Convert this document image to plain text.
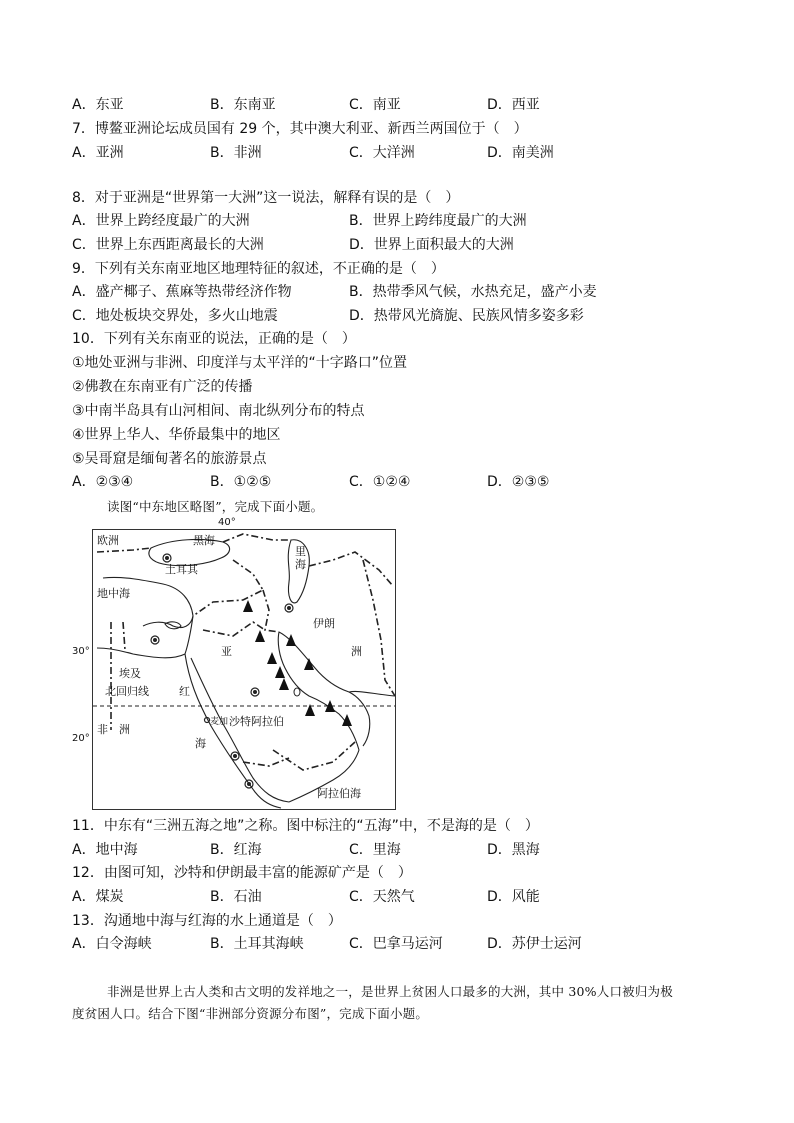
A．东亚	B．东南亚	C．南亚	D．西亚
7．博鳌亚洲论坛成员国有 29 个，其中澳大利亚、新西兰两国位于（　）
A．亚洲	B．非洲	C．大洋洲	D．南美洲
8．对于亚洲是“世界第一大洲”这一说法，解释有误的是（　）
A．世界上跨经度最广的大洲	B．世界上跨纬度最广的大洲
C．世界上东西距离最长的大洲	D．世界上面积最大的大洲
9．下列有关东南亚地区地理特征的叙述，不正确的是（　）
A．盛产椰子、蕉麻等热带经济作物	B．热带季风气候，水热充足，盛产小麦
C．地处板块交界处，多火山地震	D．热带风光旖旎、民族风情多姿多彩
10．下列有关东南亚的说法，正确的是（　）
①地处亚洲与非洲、印度洋与太平洋的“十字路口”位置
②佛教在东南亚有广泛的传播
③中南半岛具有山河相间、南北纵列分布的特点
④世界上华人、华侨最集中的地区
⑤吴哥窟是缅甸著名的旅游景点
A．②③④	B．①②⑤	C．①②④	D．②③⑤
读图“中东地区略图”，完成下面小题。
40°
30°
20°
欧洲	黑海
里
海
土耳其
地中海
伊朗
亚	洲
埃及
北回归线	红
非　洲
麦加 沙特阿拉伯
海
阿拉伯海
11．中东有“三洲五海之地”之称。图中标注的“五海”中，不是海的是（　）
A．地中海	B．红海	C．里海	D．黑海
12．由图可知，沙特和伊朗最丰富的能源矿产是（　）
A．煤炭	B．石油	C．天然气	D．风能
13．沟通地中海与红海的水上通道是（　）
A．白令海峡	B．土耳其海峡	C．巴拿马运河	D．苏伊士运河
非洲是世界上古人类和古文明的发祥地之一，是世界上贫困人口最多的大洲，其中 30%人口被归为极
度贫困人口。结合下图“非洲部分资源分布图”，完成下面小题。
